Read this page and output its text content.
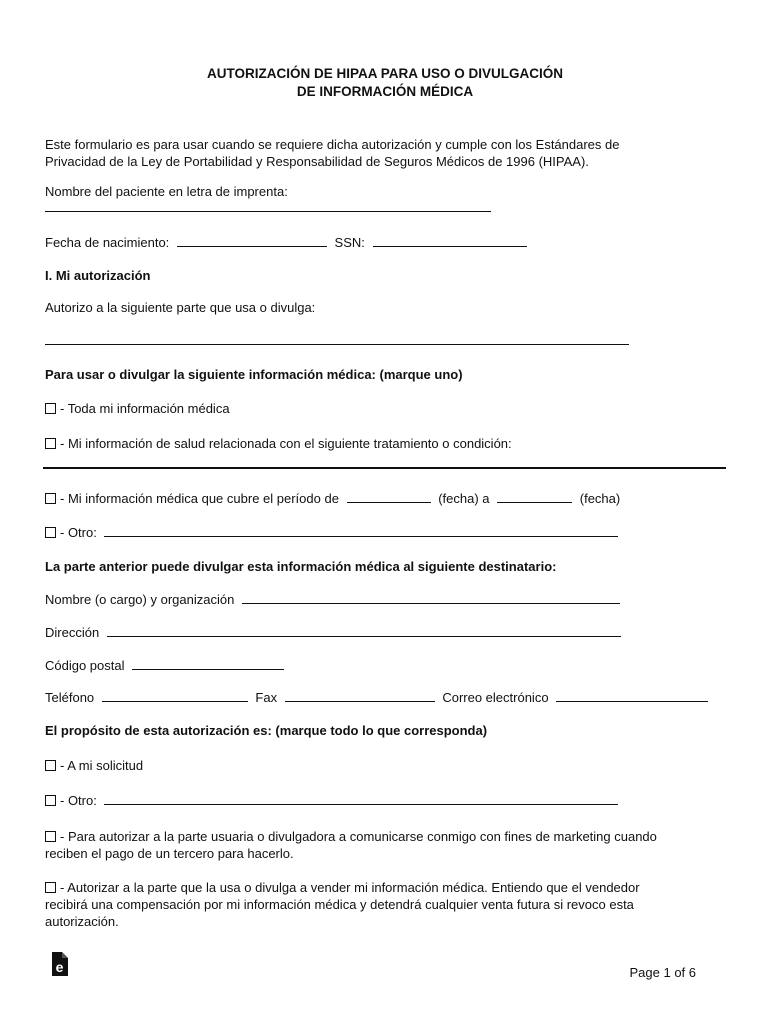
AUTORIZACIÓN DE HIPAA PARA USO O DIVULGACIÓN
DE INFORMACIÓN MÉDICA
Este formulario es para usar cuando se requiere dicha autorización y cumple con los Estándares de
Privacidad de la Ley de Portabilidad y Responsabilidad de Seguros Médicos de 1996 (HIPAA).
Nombre del paciente en letra de imprenta:
Fecha de nacimiento:	SSN:
I. Mi autorización
Autorizo a la siguiente parte que usa o divulga:
Para usar o divulgar la siguiente información médica: (marque uno)
- Toda mi información médica
- Mi información de salud relacionada con el siguiente tratamiento o condición:
- Mi información médica que cubre el período de	(fecha) a	(fecha)
- Otro:
La parte anterior puede divulgar esta información médica al siguiente destinatario:
Nombre (o cargo) y organización
Dirección
Código postal
Teléfono	Fax	Correo electrónico
El propósito de esta autorización es: (marque todo lo que corresponda)
- A mi solicitud
- Otro:
- Para autorizar a la parte usuaria o divulgadora a comunicarse conmigo con fines de marketing cuando
reciben el pago de un tercero para hacerlo.
- Autorizar a la parte que la usa o divulga a vender mi información médica. Entiendo que el vendedor
recibirá una compensación por mi información médica y detendrá cualquier venta futura si revoco esta
autorización.
e	Page 1 of 6
